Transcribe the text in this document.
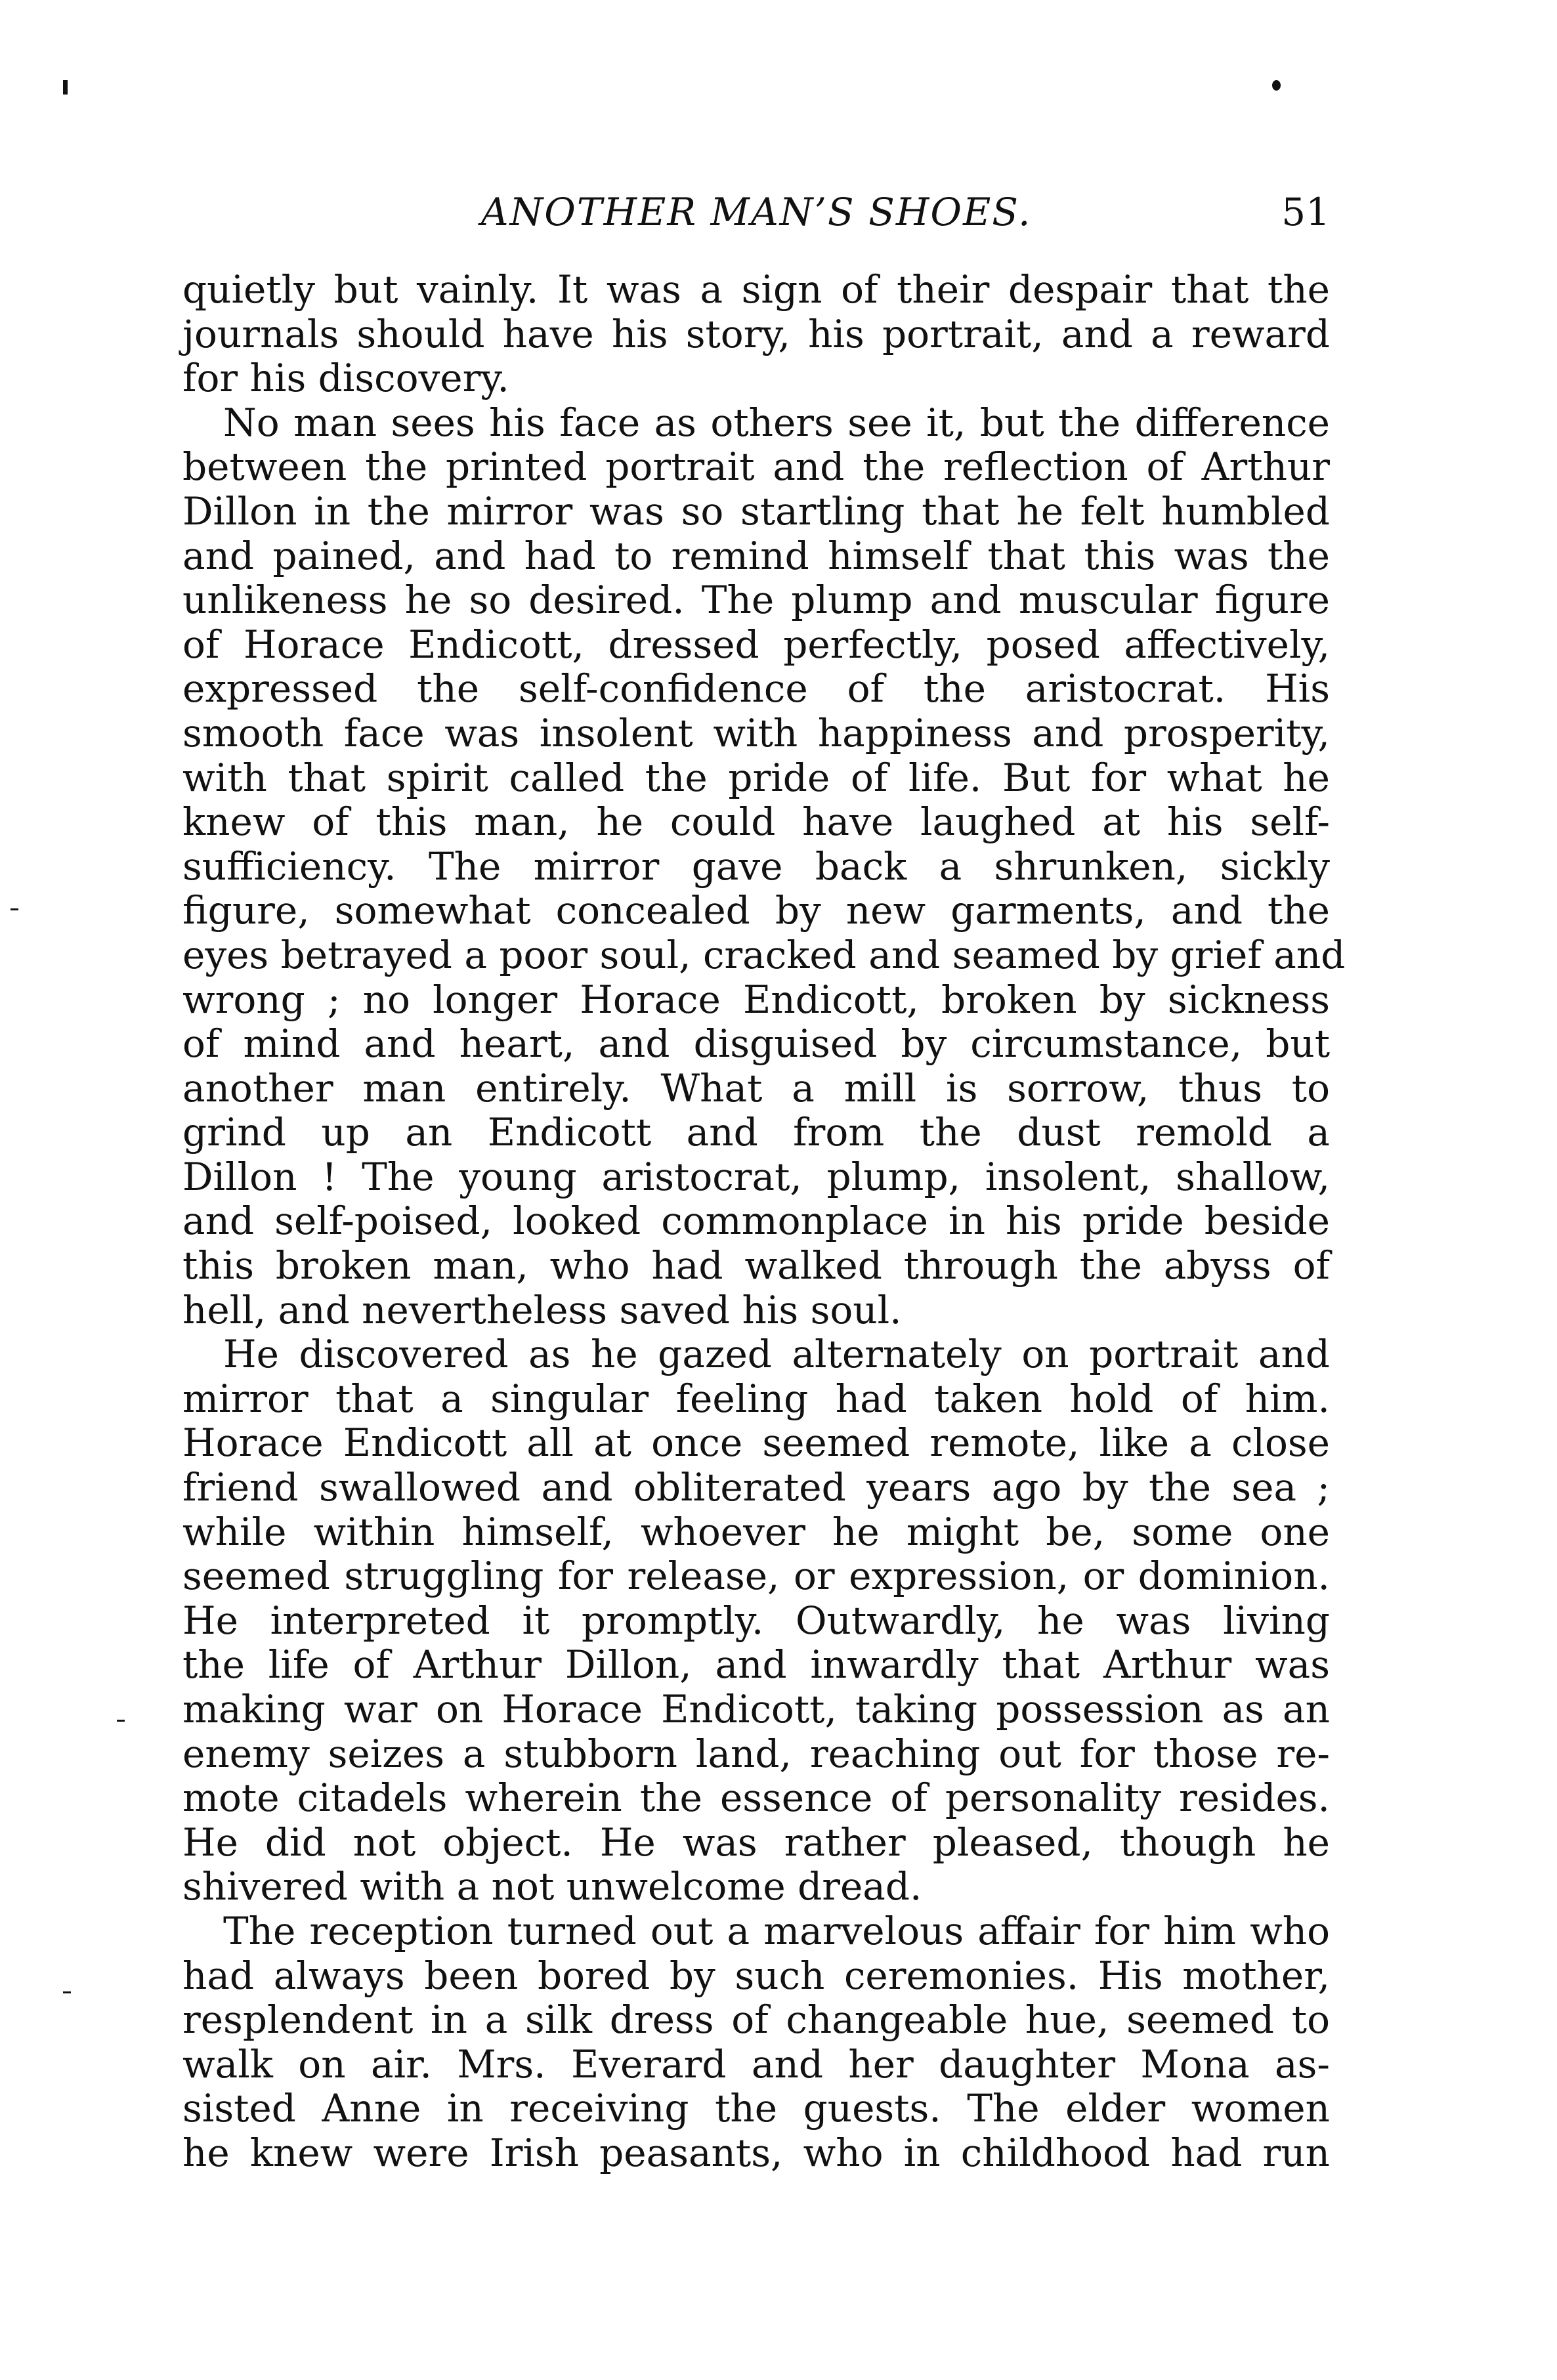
ANOTHER MAN’S SHOES.	51
quietly but vainly. It was a sign of their despair that the
journals should have his story, his portrait, and a reward
for his discovery.
No man sees his face as others see it, but the difference
between the printed portrait and the reflection of Arthur
Dillon in the mirror was so startling that he felt humbled
and pained, and had to remind himself that this was the
unlikeness he so desired. The plump and muscular figure
of Horace Endicott, dressed perfectly, posed affectively,
expressed the self-confidence of the aristocrat. His
smooth face was insolent with happiness and prosperity,
with that spirit called the pride of life. But for what he
knew of this man, he could have laughed at his self-
sufficiency. The mirror gave back a shrunken, sickly
figure, somewhat concealed by new garments, and the
eyes betrayed a poor soul, cracked and seamed by grief and
wrong ; no longer Horace Endicott, broken by sickness
of mind and heart, and disguised by circumstance, but
another man entirely. What a mill is sorrow, thus to
grind up an Endicott and from the dust remold a
Dillon ! The young aristocrat, plump, insolent, shallow,
and self-poised, looked commonplace in his pride beside
this broken man, who had walked through the abyss of
hell, and nevertheless saved his soul.
He discovered as he gazed alternately on portrait and
mirror that a singular feeling had taken hold of him.
Horace Endicott all at once seemed remote, like a close
friend swallowed and obliterated years ago by the sea ;
while within himself, whoever he might be, some one
seemed struggling for release, or expression, or dominion.
He interpreted it promptly. Outwardly, he was living
the life of Arthur Dillon, and inwardly that Arthur was
making war on Horace Endicott, taking possession as an
enemy seizes a stubborn land, reaching out for those re-
mote citadels wherein the essence of personality resides.
He did not object. He was rather pleased, though he
shivered with a not unwelcome dread.
The reception turned out a marvelous affair for him who
had always been bored by such ceremonies. His mother,
resplendent in a silk dress of changeable hue, seemed to
walk on air. Mrs. Everard and her daughter Mona as-
sisted Anne in receiving the guests. The elder women
he knew were Irish peasants, who in childhood had run
